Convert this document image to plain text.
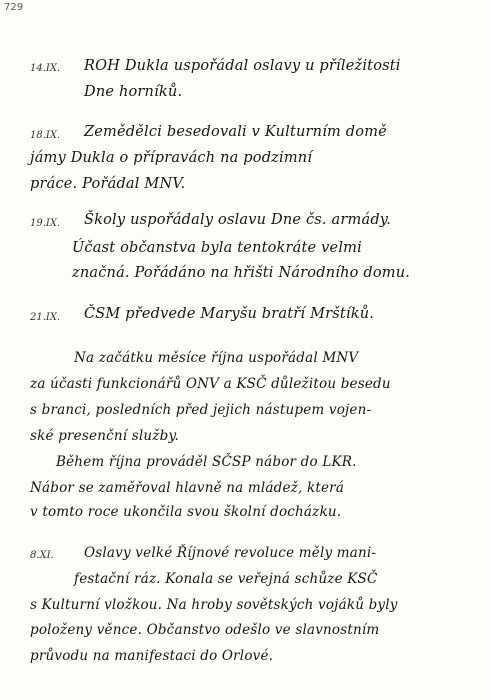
729
14.IX. ROH Dukla uspořádal oslavy u příležitosti
Dne horníků.
18.IX. Zemědělci besedovali v Kulturním domě
jámy Dukla o přípravách na podzimní
práce. Pořádal MNV.
19.IX. Školy uspořádaly oslavu Dne čs. armády.
Účast občanstva byla tentokráte velmi
značná. Pořádáno na hřišti Národního domu.
21.IX. ČSM předvede Maryšu bratří Mrštíků.
Na začátku měsíce října uspořádal MNV
za účasti funkcionářů ONV a KSČ důležitou besedu
s branci, posledních před jejich nástupem vojen-
ské presenční služby.
Během října prováděl SČSP nábor do LKR.
Nábor se zaměřoval hlavně na mládež, která
v tomto roce ukončila svou školní docházku.
8.XI. Oslavy velké Říjnové revoluce měly mani-
festační ráz. Konala se veřejná schůze KSČ
s Kulturní vložkou. Na hroby sovětských vojáků byly
položeny věnce. Občanstvo odešlo ve slavnostním
průvodu na manifestaci do Orlové.
